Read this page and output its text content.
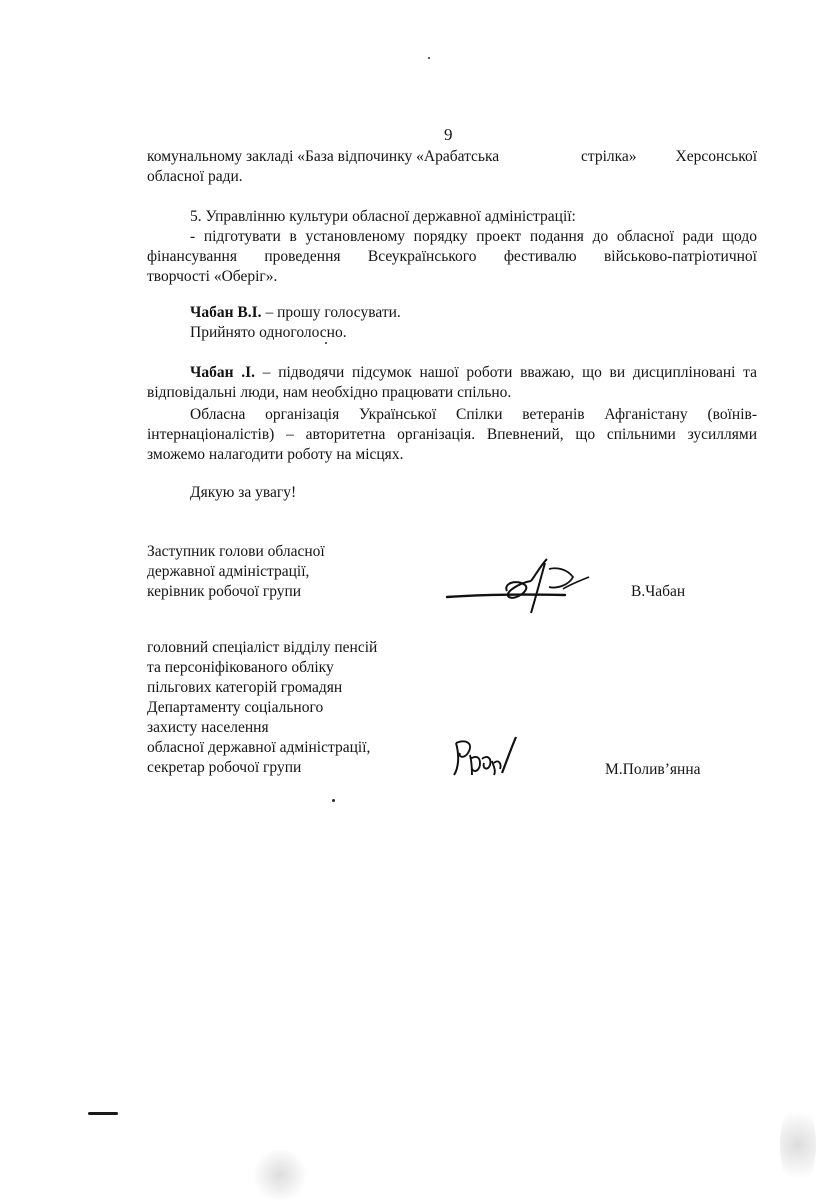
9
комунальному закладі «База відпочинку «Арабатська	стрілка»	Херсонської
обласної ради.
5. Управлінню культури обласної державної адміністрації:
- підготувати в установленому порядку проект подання до обласної ради щодо
фінансування проведення Всеукраїнського фестивалю військово-патріотичної
творчості «Оберіг».
Чабан В.І. – прошу голосувати.
Прийнято одноголосно.
Чабан .І. – підводячи підсумок нашої роботи вважаю, що ви дисципліновані та
відповідальні люди, нам необхідно працювати спільно.
Обласна організація Української Спілки ветеранів Афганістану (воїнів-
інтернаціоналістів) – авторитетна організація. Впевнений, що спільними зусиллями
зможемо налагодити роботу на місцях.
Дякую за увагу!
Заступник голови обласної
державної адміністрації,
керівник робочої групи	В.Чабан
головний спеціаліст відділу пенсій
та персоніфікованого обліку
пільгових категорій громадян
Департаменту соціального
захисту населення
обласної державної адміністрації,
секретар робочої групи	М.Полив’янна
